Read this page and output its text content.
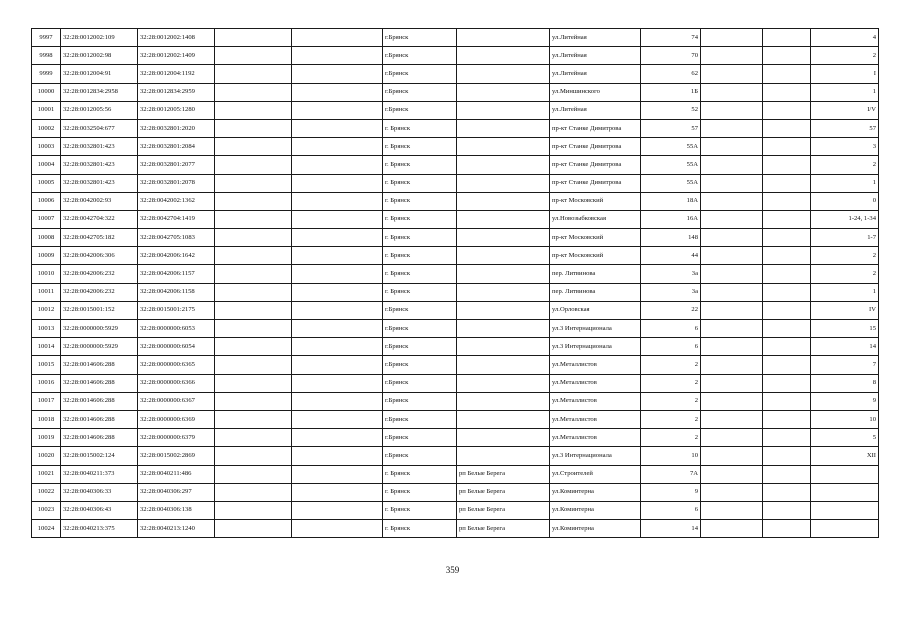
9997	32:28:0012002:109	32:28:0012002:1408			г.Брянск		ул.Литейная	74			4
9998	32:28:0012002:98	32:28:0012002:1409			г.Брянск		ул.Литейная	70			2
9999	32:28:0012004:91	32:28:0012004:1192			г.Брянск		ул.Литейная	62			I
10000	32:28:0012834:2958	32:28:0012834:2959			г.Брянск		ул.Миншинского	1Б			1
10001	32:28:0012005:56	32:28:0012005:1280			г.Брянск		ул.Литейная	52			I/V
10002	32:28:0032504:677	32:28:0032801:2020			г. Брянск		пр-кт Станке Димитрова	57			57
10003	32:28:0032801:423	32:28:0032801:2084			г. Брянск		пр-кт Станке Димитрова	55А			3
10004	32:28:0032801:423	32:28:0032801:2077			г. Брянск		пр-кт Станке Димитрова	55А			2
10005	32:28:0032801:423	32:28:0032801:2078			г. Брянск		пр-кт Станке Димитрова	55А			1
10006	32:28:0042002:93	32:28:0042002:1362			г. Брянск		пр-кт Московский	18А			0
10007	32:28:0042704:322	32:28:0042704:1419			г. Брянск		ул.Новозыбковская	16А			1-24, 1-34
10008	32:28:0042705:182	32:28:0042705:1083			г. Брянск		пр-кт Московский	148			1-7
10009	32:28:0042006:306	32:28:0042006:1642			г. Брянск		пр-кт Московский	44			2
10010	32:28:0042006:232	32:28:0042006:1157			г. Брянск		пер. Литвинова	3а			2
10011	32:28:0042006:232	32:28:0042006:1158			г. Брянск		пер. Литвинова	3а			1
10012	32:28:0015001:152	32:28:0015001:2175			г.Брянск		ул.Орловская	22			IV
10013	32:28:0000000:5929	32:28:0000000:6053			г.Брянск		ул.3 Интернационала	6			15
10014	32:28:0000000:5929	32:28:0000000:6054			г.Брянск		ул.3 Интернационала	6			14
10015	32:28:0014606:288	32:28:0000000:6365			г.Брянск		ул.Металлистов	2			7
10016	32:28:0014606:288	32:28:0000000:6366			г.Брянск		ул.Металлистов	2			8
10017	32:28:0014606:288	32:28:0000000:6367			г.Брянск		ул.Металлистов	2			9
10018	32:28:0014606:288	32:28:0000000:6369			г.Брянск		ул.Металлистов	2			10
10019	32:28:0014606:288	32:28:0000000:6379			г.Брянск		ул.Металлистов	2			5
10020	32:28:0015002:124	32:28:0015002:2869			г.Брянск		ул.3 Интернационала	10			XII
10021	32:28:0040211:373	32:28:0040211:486			г. Брянск	рп Белые Берега	ул.Строителей	7А			
10022	32:28:0040306:33	32:28:0040306:297			г. Брянск	рп Белые Берега	ул.Коминтерна	9			
10023	32:28:0040306:43	32:28:0040306:138			г. Брянск	рп Белые Берега	ул.Коминтерна	6			
10024	32:28:0040213:375	32:28:0040213:1240			г. Брянск	рп Белые Берега	ул.Коминтерна	14			
359
